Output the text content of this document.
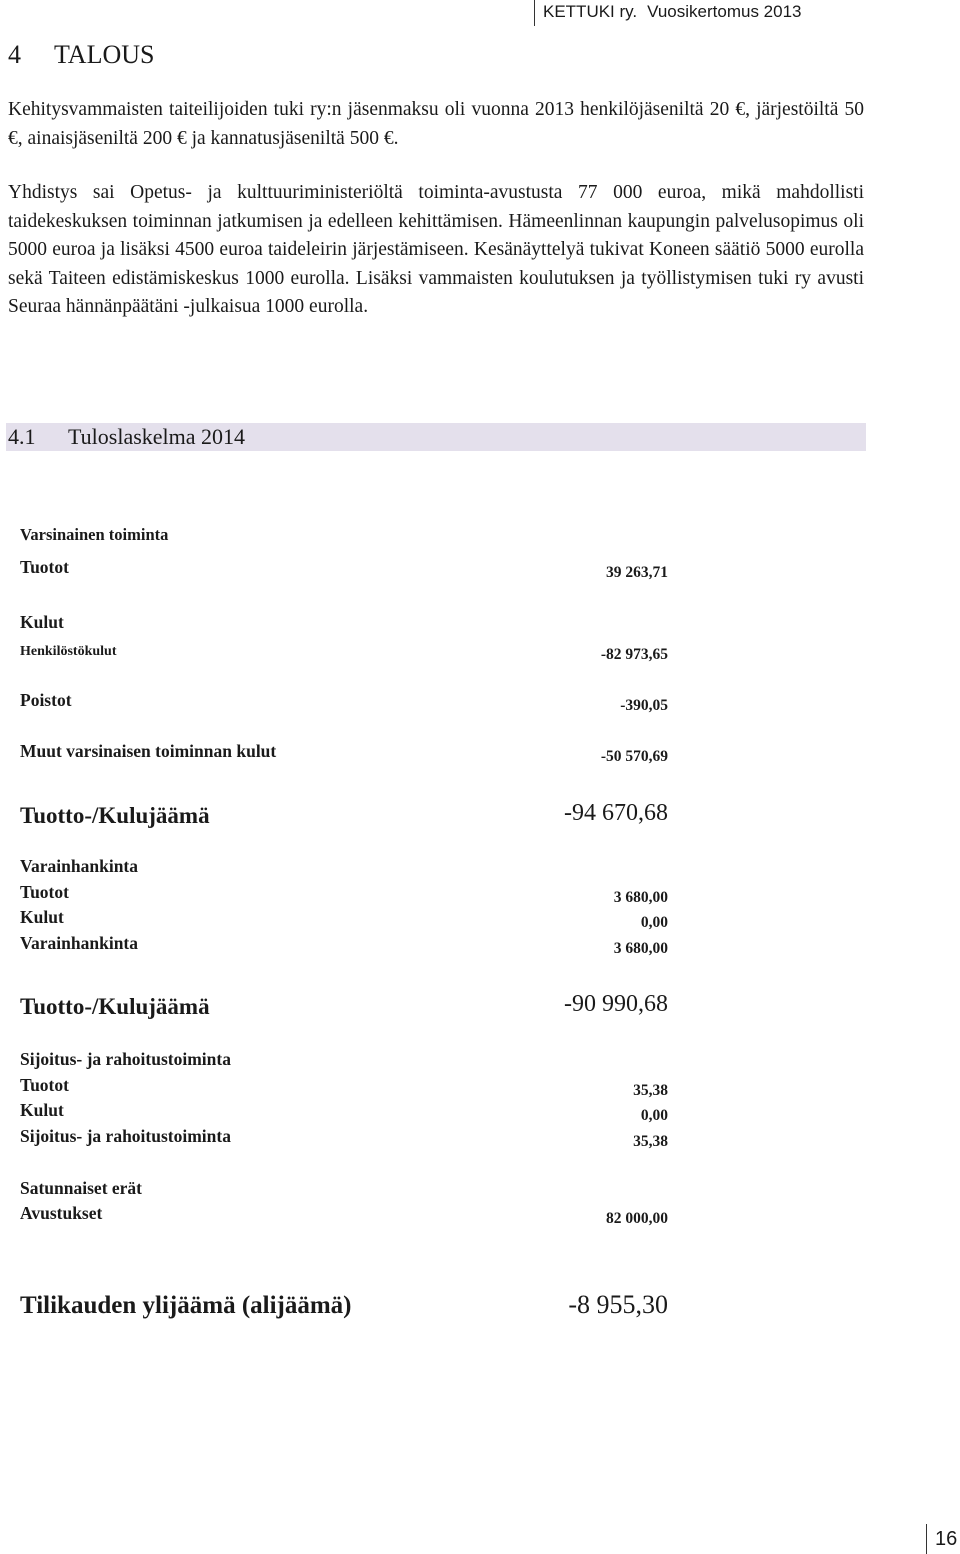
KETTUKI ry. Vuosikertomus 2013
4 TALOUS

Kehitysvammaisten taiteilijoiden tuki ry:n jäsenmaksu oli vuonna 2013 henkilöjäseniltä 20 €, järjestöiltä 50 €, ainaisjäseniltä 200 € ja kannatusjäseniltä 500 €.

Yhdistys sai Opetus- ja kulttuuriministeriöltä toiminta-avustusta 77 000 euroa, mikä mahdollisti taidekeskuksen toiminnan jatkumisen ja edelleen kehittämisen. Hämeenlinnan kaupungin palvelusopimus oli 5000 euroa ja lisäksi 4500 euroa taideleirin järjestämiseen. Kesänäyttelyä tukivat Koneen säätiö 5000 eurolla sekä Taiteen edistämiskeskus 1000 eurolla. Lisäksi vammaisten koulutuksen ja työllistymisen tuki ry avusti Seuraa hännänpäätäni -julkaisua 1000 eurolla.

4.1 Tuloslaskelma 2014
Varsinainen toiminta
Tuotot	39 263,71
Kulut
Henkilöstökulut	-82 973,65
Poistot	-390,05
Muut varsinaisen toiminnan kulut	-50 570,69
Tuotto-/Kulujäämä	-94 670,68
Varainhankinta
Tuotot	3 680,00
Kulut	0,00
Varainhankinta	3 680,00
Tuotto-/Kulujäämä	-90 990,68
Sijoitus- ja rahoitustoiminta
Tuotot	35,38
Kulut	0,00
Sijoitus- ja rahoitustoiminta	35,38
Satunnaiset erät
Avustukset	82 000,00
Tilikauden ylijäämä (alijäämä)	-8 955,30
16
